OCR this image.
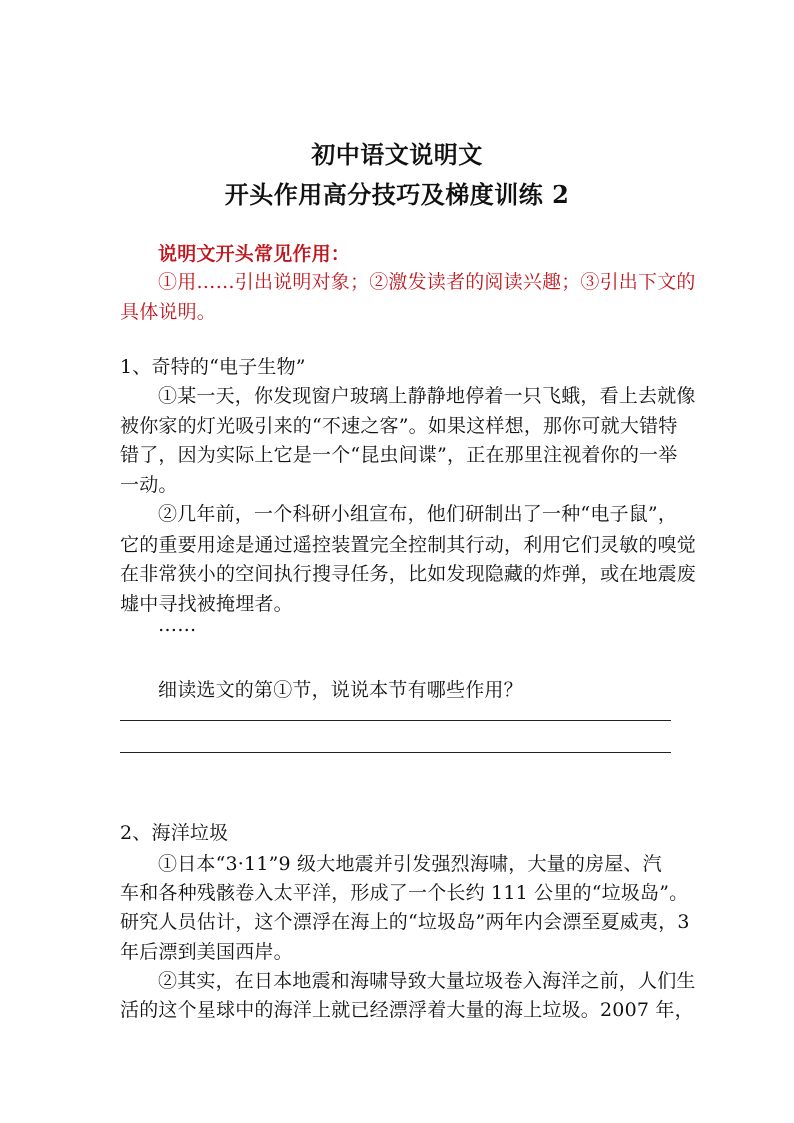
初中语文说明文
开头作用高分技巧及梯度训练 2
说明文开头常见作用：
①用……引出说明对象；②激发读者的阅读兴趣；③引出下文的
具体说明。
1、奇特的“电子生物”
①某一天，你发现窗户玻璃上静静地停着一只飞蛾，看上去就像
被你家的灯光吸引来的“不速之客”。如果这样想，那你可就大错特
错了，因为实际上它是一个“昆虫间谍”，正在那里注视着你的一举
一动。
②几年前，一个科研小组宣布，他们研制出了一种“电子鼠”，
它的重要用途是通过遥控装置完全控制其行动，利用它们灵敏的嗅觉
在非常狭小的空间执行搜寻任务，比如发现隐藏的炸弹，或在地震废
墟中寻找被掩埋者。
……
细读选文的第①节，说说本节有哪些作用？
2、海洋垃圾
①日本“3·11”9 级大地震并引发强烈海啸，大量的房屋、汽
车和各种残骸卷入太平洋，形成了一个长约 111 公里的“垃圾岛”。
研究人员估计，这个漂浮在海上的“垃圾岛”两年内会漂至夏威夷，3
年后漂到美国西岸。
②其实，在日本地震和海啸导致大量垃圾卷入海洋之前，人们生
活的这个星球中的海洋上就已经漂浮着大量的海上垃圾。2007 年，
